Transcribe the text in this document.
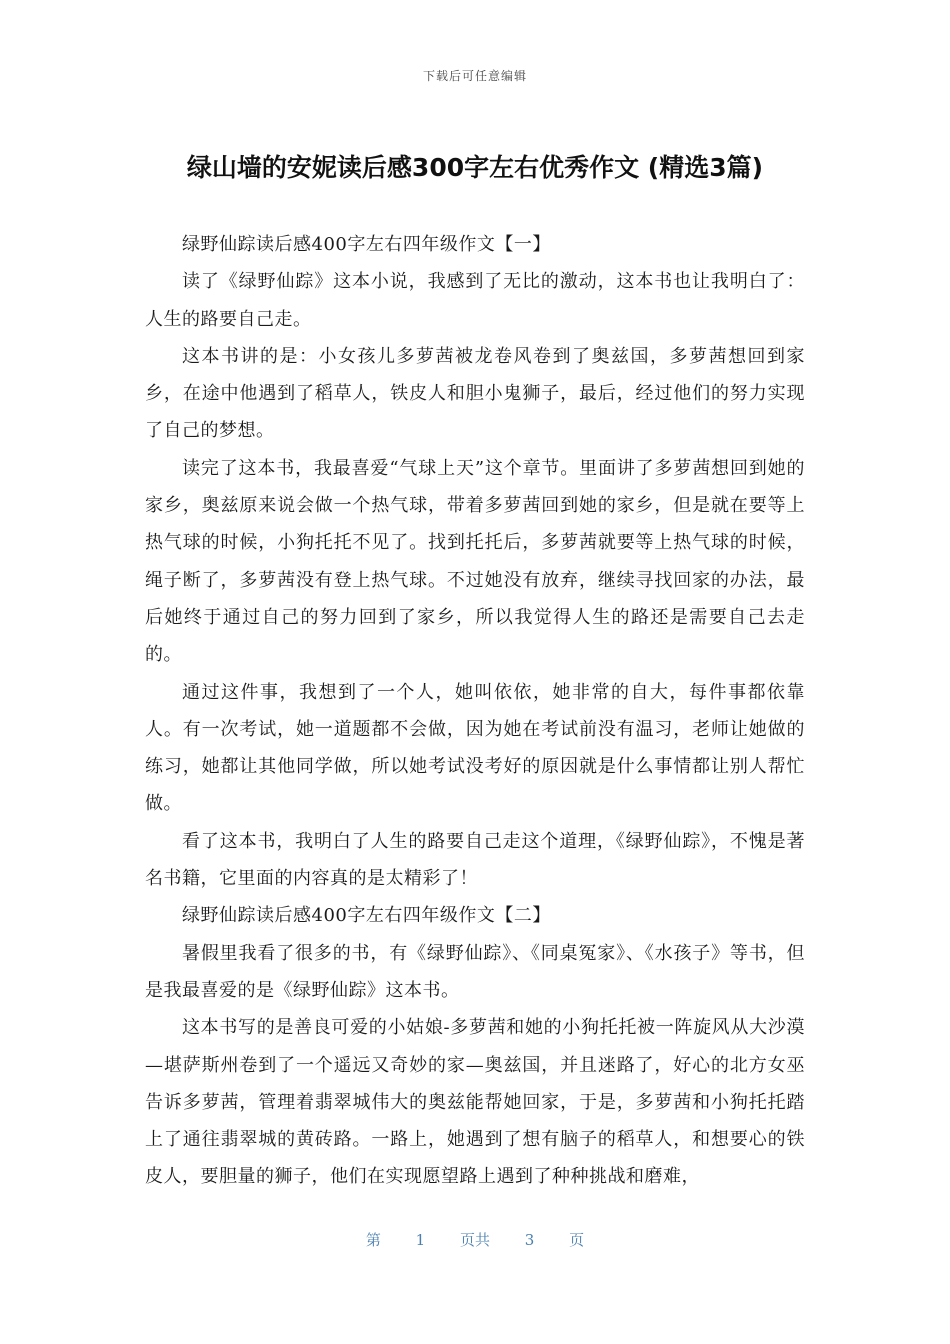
下载后可任意编辑
绿山墙的安妮读后感300字左右优秀作文 (精选3篇)

绿野仙踪读后感400字左右四年级作文【一】

读了《绿野仙踪》这本小说，我感到了无比的激动，这本书也让我明白了：人生的路要自己走。

这本书讲的是：小女孩儿多萝茜被龙卷风卷到了奥兹国，多萝茜想回到家乡，在途中他遇到了稻草人，铁皮人和胆小鬼狮子，最后，经过他们的努力实现了自己的梦想。

读完了这本书，我最喜爱“气球上天”这个章节。里面讲了多萝茜想回到她的家乡，奥兹原来说会做一个热气球，带着多萝茜回到她的家乡，但是就在要等上热气球的时候，小狗托托不见了。找到托托后，多萝茜就要等上热气球的时候，绳子断了，多萝茜没有登上热气球。不过她没有放弃，继续寻找回家的办法，最后她终于通过自己的努力回到了家乡，所以我觉得人生的路还是需要自己去走的。

通过这件事，我想到了一个人，她叫依依，她非常的自大，每件事都依靠人。有一次考试，她一道题都不会做，因为她在考试前没有温习，老师让她做的练习，她都让其他同学做，所以她考试没考好的原因就是什么事情都让别人帮忙做。

看了这本书，我明白了人生的路要自己走这个道理，《绿野仙踪》，不愧是著名书籍，它里面的内容真的是太精彩了！

绿野仙踪读后感400字左右四年级作文【二】

暑假里我看了很多的书，有《绿野仙踪》、《同桌冤家》、《水孩子》等书，但是我最喜爱的是《绿野仙踪》这本书。

这本书写的是善良可爱的小姑娘-多萝茜和她的小狗托托被一阵旋风从大沙漠—堪萨斯州卷到了一个遥远又奇妙的家—奥兹国，并且迷路了，好心的北方女巫告诉多萝茜，管理着翡翠城伟大的奥兹能帮她回家，于是，多萝茜和小狗托托踏上了通往翡翠城的黄砖路。一路上，她遇到了想有脑子的稻草人，和想要心的铁皮人，要胆量的狮子，他们在实现愿望路上遇到了种种挑战和磨难，

第 1 页共 3 页
